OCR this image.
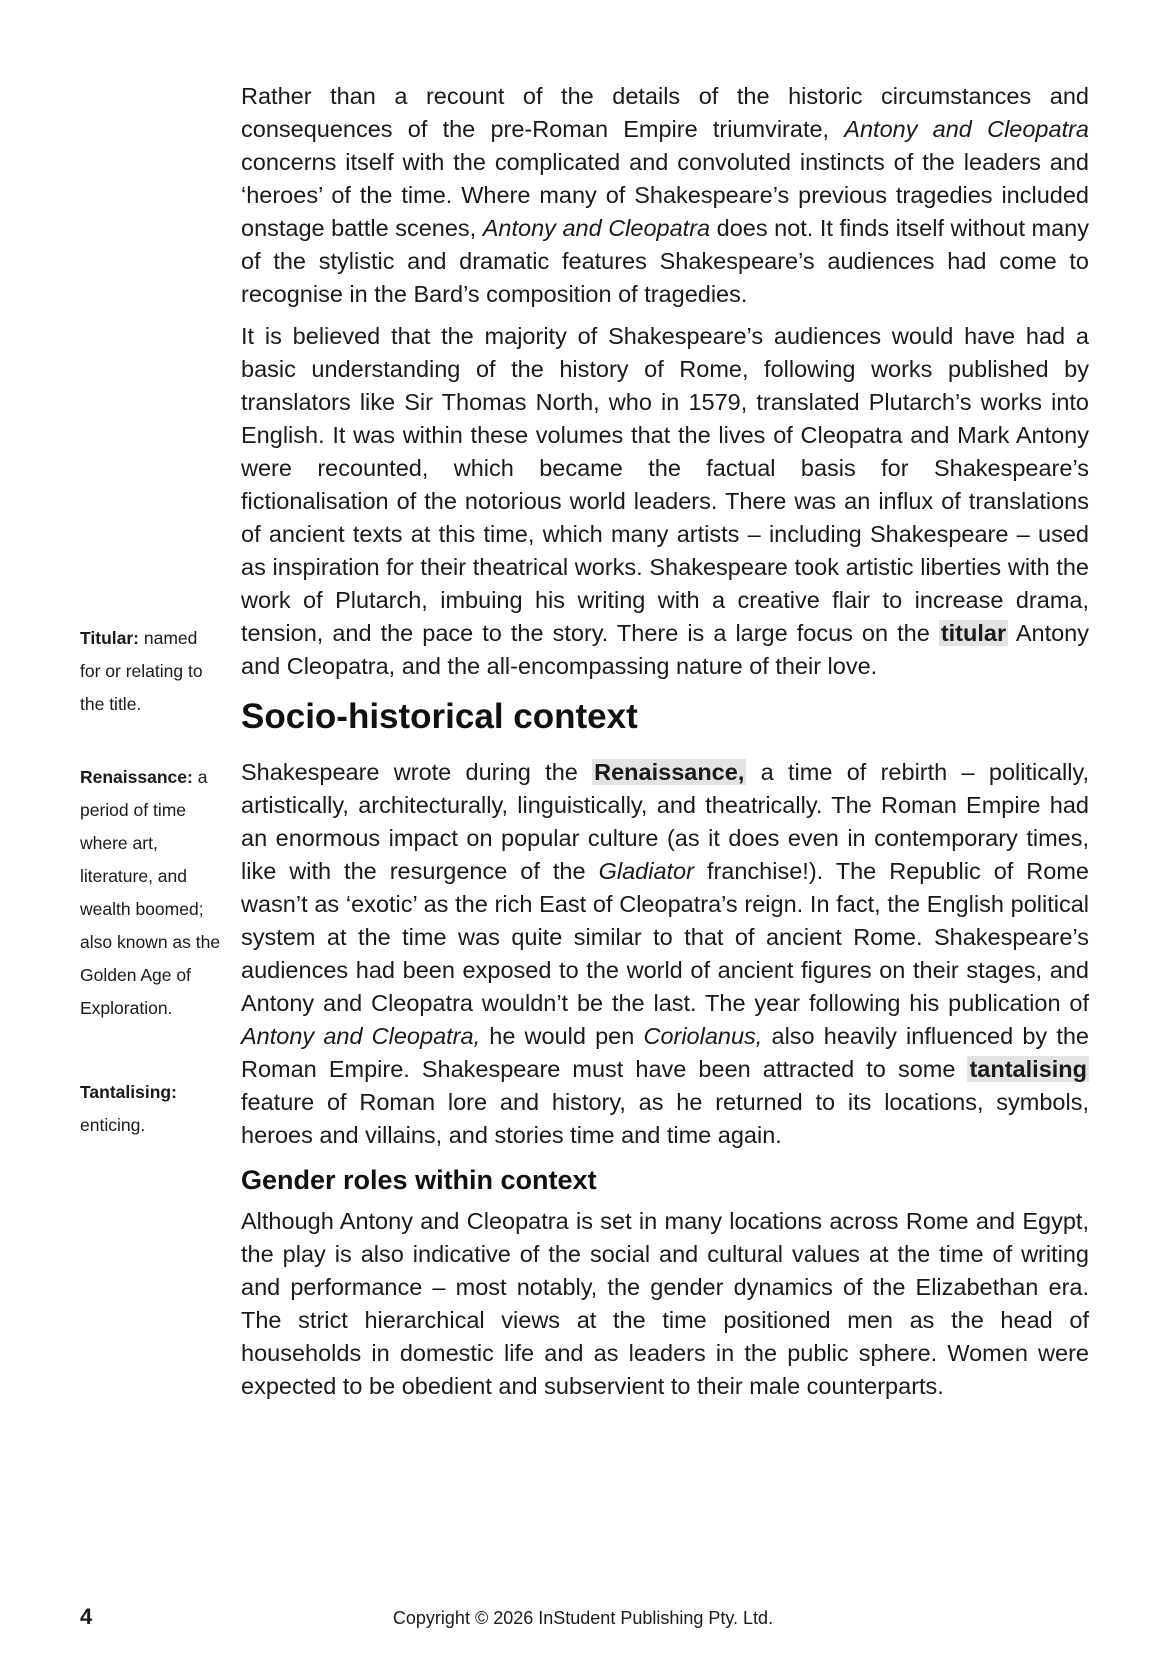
Rather than a recount of the details of the historic circumstances and consequences of the pre-Roman Empire triumvirate, Antony and Cleopatra concerns itself with the complicated and convoluted instincts of the leaders and ‘heroes’ of the time. Where many of Shakespeare’s previous tragedies included onstage battle scenes, Antony and Cleopatra does not. It finds itself without many of the stylistic and dramatic features Shakespeare’s audiences had come to recognise in the Bard’s composition of tragedies.

It is believed that the majority of Shakespeare’s audiences would have had a basic understanding of the history of Rome, following works published by translators like Sir Thomas North, who in 1579, translated Plutarch’s works into English. It was within these volumes that the lives of Cleopatra and Mark Antony were recounted, which became the factual basis for Shakespeare’s fictionalisation of the notorious world leaders. There was an influx of translations of ancient texts at this time, which many artists – including Shakespeare – used as inspiration for their theatrical works. Shakespeare took artistic liberties with the work of Plutarch, imbuing his writing with a creative flair to increase drama, tension, and the pace to the story. There is a large focus on the titular Antony and Cleopatra, and the all-encompassing nature of their love.

Socio-historical context

Shakespeare wrote during the Renaissance, a time of rebirth – politically, artistically, architecturally, linguistically, and theatrically. The Roman Empire had an enormous impact on popular culture (as it does even in contemporary times, like with the resurgence of the Gladiator franchise!). The Republic of Rome wasn’t as ‘exotic’ as the rich East of Cleopatra’s reign. In fact, the English political system at the time was quite similar to that of ancient Rome. Shakespeare’s audiences had been exposed to the world of ancient figures on their stages, and Antony and Cleopatra wouldn’t be the last. The year following his publication of Antony and Cleopatra, he would pen Coriolanus, also heavily influenced by the Roman Empire. Shakespeare must have been attracted to some tantalising feature of Roman lore and history, as he returned to its locations, symbols, heroes and villains, and stories time and time again.

Gender roles within context

Although Antony and Cleopatra is set in many locations across Rome and Egypt, the play is also indicative of the social and cultural values at the time of writing and performance – most notably, the gender dynamics of the Elizabethan era. The strict hierarchical views at the time positioned men as the head of households in domestic life and as leaders in the public sphere. Women were expected to be obedient and subservient to their male counterparts.

Titular: named for or relating to the title.
Renaissance: a period of time where art, literature, and wealth boomed; also known as the Golden Age of Exploration.
Tantalising: enticing.
4	Copyright © 2026 InStudent Publishing Pty. Ltd.
